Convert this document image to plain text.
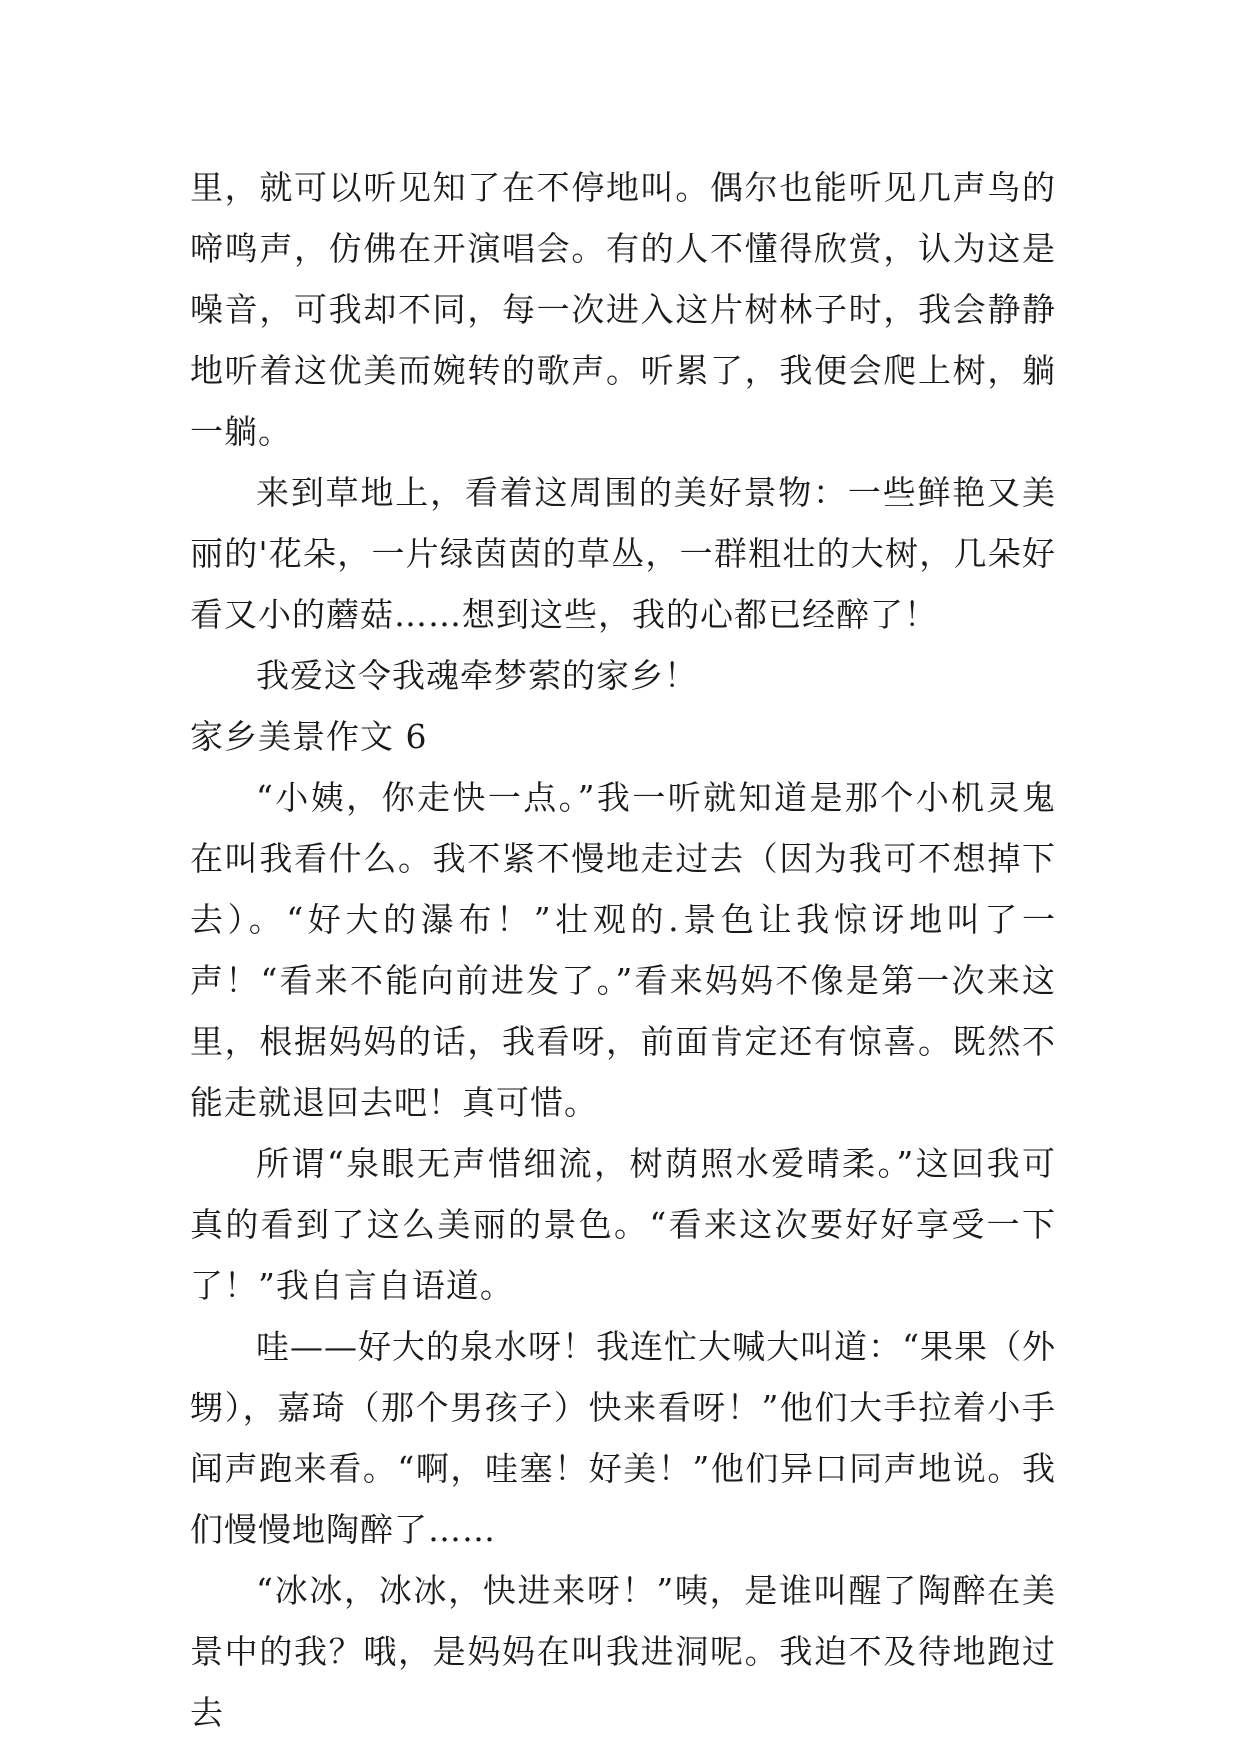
里，就可以听见知了在不停地叫。偶尔也能听见几声鸟的啼鸣声，仿佛在开演唱会。有的人不懂得欣赏，认为这是噪音，可我却不同，每一次进入这片树林子时，我会静静地听着这优美而婉转的歌声。听累了，我便会爬上树，躺一躺。

来到草地上，看着这周围的美好景物：一些鲜艳又美丽的'花朵，一片绿茵茵的草丛，一群粗壮的大树，几朵好看又小的蘑菇……想到这些，我的心都已经醉了！

我爱这令我魂牵梦萦的家乡！

家乡美景作文 6

“小姨，你走快一点。”我一听就知道是那个小机灵鬼在叫我看什么。我不紧不慢地走过去（因为我可不想掉下去）。“好大的瀑布！”壮观的.景色让我惊讶地叫了一声！“看来不能向前进发了。”看来妈妈不像是第一次来这里，根据妈妈的话，我看呀，前面肯定还有惊喜。既然不能走就退回去吧！真可惜。

所谓“泉眼无声惜细流，树荫照水爱晴柔。”这回我可真的看到了这么美丽的景色。“看来这次要好好享受一下了！”我自言自语道。

哇——好大的泉水呀！我连忙大喊大叫道：“果果（外甥），嘉琦（那个男孩子）快来看呀！”他们大手拉着小手闻声跑来看。“啊，哇塞！好美！”他们异口同声地说。我们慢慢地陶醉了……

“冰冰，冰冰，快进来呀！”咦，是谁叫醒了陶醉在美景中的我？哦，是妈妈在叫我进洞呢。我迫不及待地跑过去
